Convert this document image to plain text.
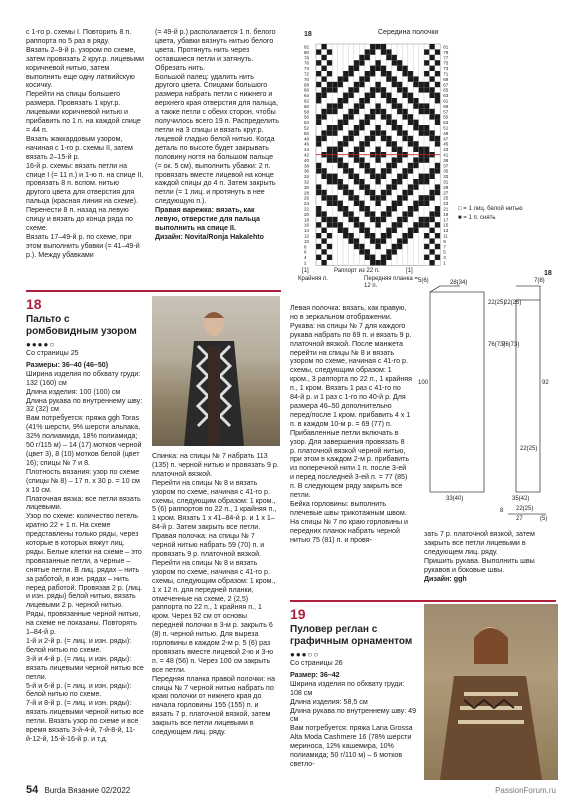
с 1-го р. схемы I. Повторить 8 п. раппорта по 5 раз в ряду.

Вязать 2–9-й р. узором по схеме, затем провязать 2 круг.р. лицевыми коричневой нитью, затем выполнить еще одну латвийскую косичку.

Перейти на спицы большего размера. Провязать 1 круг.р. лицевыми коричневой нитью и прибавить по 1 п. на каждой спице = 44 п.

Вязать жаккардовым узором, начиная с 1-го р. схемы II, затем вязать 2–15-й р.

16-й р. схемы: вязать петли на спице I (= 11 п.) и 1-ю п. на спице II, провязать 8 п. вспом. нитью другого цвета для отверстия для пальца (красная линия на схеме).

Перенести 8 п. назад на левую спицу и вязать до конца ряда по схеме.

Вязать 17–49-й р. по схеме, при этом выполнить убавки (= 41–49-й р.). Между убавками

(= 49-й р.) располагается 1 п. белого цвета, убавки вязнуть нитью белого цвета. Протянуть нить через оставшиеся петли и затянуть. Обрезать нить.

Большой палец: удалить нить другого цвета. Спицами большого размера набрать петли с нижнего и верхнего края отверстия для пальца, а также петли с обеих сторон, чтобы получилось всего 19 п. Распределить петли на 3 спицы и вязать круг.р. лицевой гладью белой нитью. Когда деталь по высоте будет закрывать половину ногтя на большом пальце (= ок. 5 см), выполнить убавки: 2 п. провязать вместе лицевой на конце каждой спицы до 4 п. Затем закрыть петли (= 1 лиц. и протянуть в нее следующую п.).

Правая варежка: вязать, как левую, отверстие для пальца выполнить на спице II.

Дизайн: Novita/Ronja Hakalehto

18	Середина полочки
81
79
77
75
73
71
69
67
65
63
61
59
57
55
53
51
49
47
45
43
41
39
37
35
33
31
29
27
25
23
21
19
17
15
13
11
9
7
5
3
1
82
80
78
76
74
72
70
68
66
64
62
60
58
56
54
52
50
48
46
44
42
40
38
36
34
32
30
28
26
24
22
20
18
16
14
12
10
8
6
4
2
□ = 1 лиц. белой нитью
■ = 1 п. снять
[1]	[1]
Раппорт из 22 п.
Крайняя п.	Передняя планка = 12 п.
18
Пальто с ромбовидным узором
●●●●○

Со страницы 25

Размеры: 36–40 (46–50)

Ширина изделия по обхвату груди: 132 (160) см

Длина изделия: 100 (100) см

Длина рукава по внутреннему шву: 32 (32) см

Вам потребуется: пряжа ggh Toras (41% шерсти, 9% шерсти альпака, 32% полиамида, 18% полиамида; 50 г/115 м) – 14 (17) мотков черной (цвет 3), 8 (10) мотков белой (цвет 16); спицы № 7 и 8.

Плотность вязания: узор по схеме (спицы № 8) – 17 п. x 30 р. = 10 см x 10 см.

Платочная вязка: все петли вязать лицевыми.

Узор по схеме: количество петель кратно 22 + 1 п. На схеме представлены только ряды, через которые в которых вяжут лиц. ряды. Белые клетки на схеме – это провязанные петли, а черные – снятые петли. В лиц. рядах – нить за работой, в изн. рядах – нить перед работой. Провязав 2 р. (лиц. и изн. ряды) белой нитью, вязать лицевыми 2 р. черной нитью. Ряды, провязанные черной нитью, на схеме не показаны. Повторять 1–84-й р.

1-й и 2-й р. (= лиц. и изн. ряды): белой нитью по схеме.

3-й и 4-й р. (= лиц. и изн. ряды): вязать лицевыми черной нитью все петли.

5-й и 6-й р. (= лиц. и изн. ряды): белой нитью по схеме.

7-й и 8-й р. (= лиц. и изн. ряды): вязать лицевыми черной нитью все петли. Вязать узор по схеме и все время вязать 3-й-4-й, 7-й-8-й, 11-й-12-й, 15-й-16-й р. и т.д.

Спинка: на спицы № 7 набрать 113 (135) п. черной нитью и провязать 9 р. платочной вязкой.

Перейти на спицы № 8 и вязать узором по схеме, начиная с 41-го р. схемы, следующим образом: 1 кром., 5 (6) раппортов по 22 п., 1 крайняя п., 1 кром. Вязать 1 х 41–84-й р. и 1 х 1–84-й р. Затем закрыть все петли.

Правая полочка: на спицы № 7 черной нитью набрать 59 (70) п. и провязать 9 р. платочной вязкой. Перейти на спицы № 8 и вязать узором по схеме, начиная с 41-го р. схемы, следующим образом: 1 кром., 1 х 12 п. для передней планки, отмеченные на схеме, 2 (2,5) раппорта по 22 п., 1 крайняя п., 1 кром. Через 92 см от основы передней полочки в 3-м р. закрыть 6 (8) п. черной нитью. Для выреза горловины в каждом 2-м р. 5 (6) раз провязать вместе лицевой 2-ю и 3-ю п. = 48 (56) п. Через 100 см закрыть все петли.

Передняя планка правой полочки: на спицы № 7 черной нитью набрать по краю полочки от нижнего края до начала горловины 155 (155) п. и вязать 7 р. платочной вязкой, затем закрыть все петли лицевыми в следующем лиц. ряду.

Левая полочка: вязать, как правую, но в зеркальном отображении.

Рукава: на спицы № 7 для каждого рукава набрать по 69 п. и вязать 9 р. платочной вязкой. После манжета перейти на спицы № 8 и вязать узором по схеме, начиная с 41-го р. схемы, следующим образом: 1 кром., 3 раппорта по 22 п., 1 крайняя п., 1 кром. Вязать 1 раз с 41-го по 84-й р. и 1 раз с 1-го по 40-й р. Для размера 46–50 дополнительно перед/после 1 кром. прибавить 4 х 1 п. в каждом 10-м р. = 69 (77) п. Прибавленные петли включать в узор. Для завершения провязать 8 р. платочной вязкой черной нитью, при этом в каждом 2-м р. прибавить из поперечной нити 1 п. после 3-ей и перед последней 3-ей п. = 77 (85) п. В следующем ряду закрыть все петли.

Бейка горловины: выполнить плечевые швы трикотажным швом.

На спицы № 7 по краю горловины и передних планок набрать черной нитью 75 (81) п. и провя-

18
5(6)	28(34)	7(8)
100	92
76(73)
76(73)
22(25)
22(25)
22(25)
33(40)	35(42)
8 22(25)
27	(5)

зать 7 р. платочной вязкой, затем закрыть все петли лицевыми в следующем лиц. ряду.

Пришить рукава. Выполнить швы рукавов и боковые швы.

Дизайн: ggh

19
Пуловер реглан с графичным орнаментом
●●●○○

Со страницы 26

Размер: 36–42

Ширина изделия по обхвату груди: 108 см

Длина изделия: 58,5 см

Длина рукава по внутреннему шву: 49 см

Вам потребуется: пряжа Lana Grossa Alta Moda Cashmere 16 (78% шерсти мериноса, 12% кашемира, 10% полиамида; 50 г/110 м) – 6 мотков светло-

54 Burda Вязание 02/2022	PassionForum.ru
